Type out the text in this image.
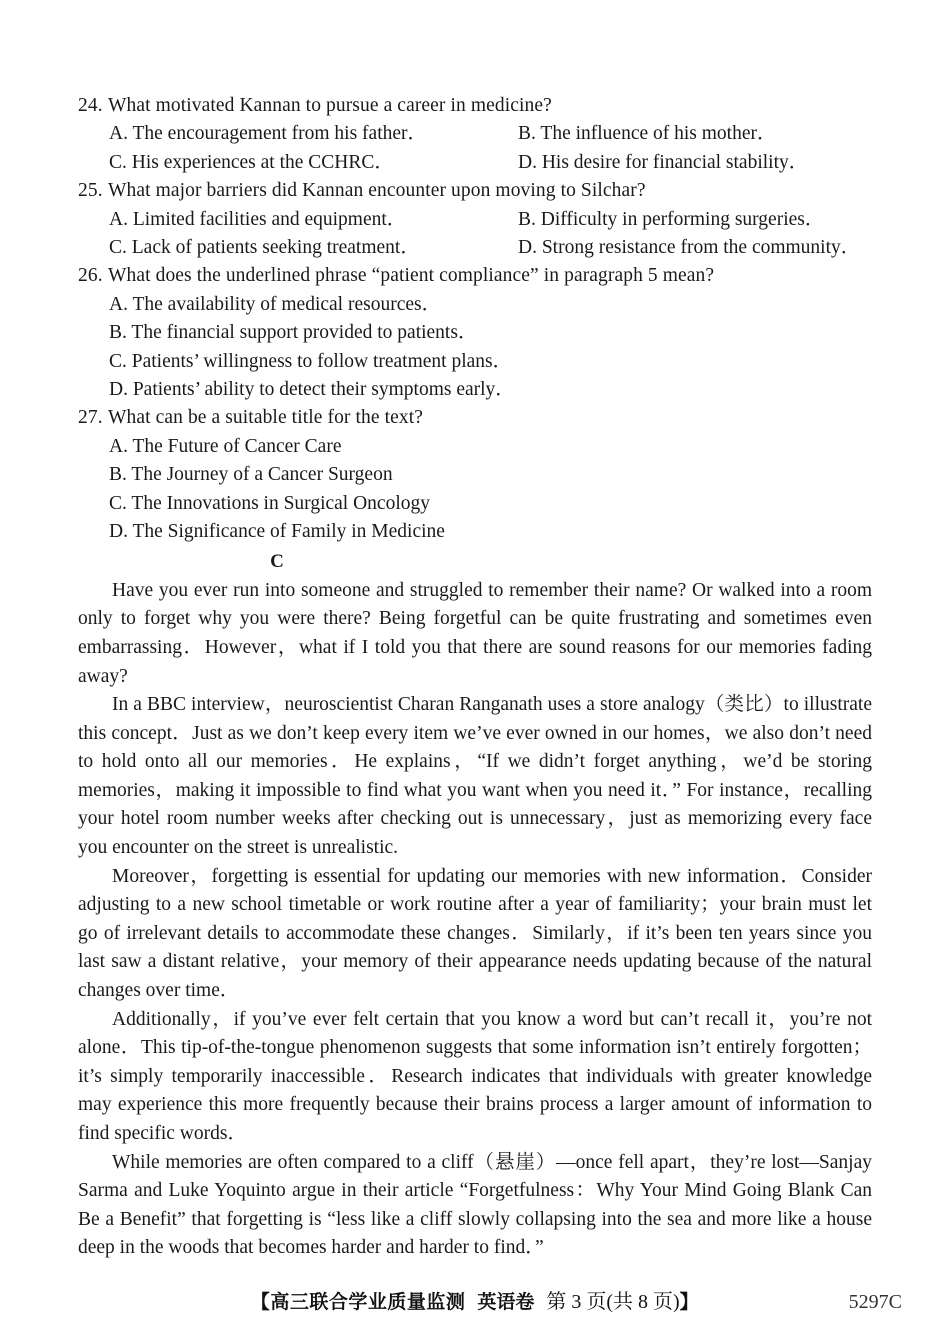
24. What motivated Kannan to pursue a career in medicine?
A. The encouragement from his father．	B. The influence of his mother．
C. His experiences at the CCHRC．	D. His desire for financial stability．
25. What major barriers did Kannan encounter upon moving to Silchar?
A. Limited facilities and equipment．	B. Difficulty in performing surgeries．
C. Lack of patients seeking treatment．	D. Strong resistance from the community．
26. What does the underlined phrase “patient compliance” in paragraph 5 mean?
A. The availability of medical resources．
B. The financial support provided to patients．
C. Patients’ willingness to follow treatment plans．
D. Patients’ ability to detect their symptoms early．
27. What can be a suitable title for the text?
A. The Future of Cancer Care
B. The Journey of a Cancer Surgeon
C. The Innovations in Surgical Oncology
D. The Significance of Family in Medicine
C

Have you ever run into someone and struggled to remember their name? Or walked into a room only to forget why you were there? Being forgetful can be quite frustrating and sometimes even embarrassing．However，what if I told you that there are sound reasons for our memories fading away?

In a BBC interview，neuroscientist Charan Ranganath uses a store analogy（类比）to illustrate this concept．Just as we don’t keep every item we’ve ever owned in our homes，we also don’t need to hold onto all our memories．He explains，“If we didn’t forget anything，we’d be storing memories，making it impossible to find what you want when you need it．” For instance，recalling your hotel room number weeks after checking out is unnecessary，just as memorizing every face you encounter on the street is unrealistic.

Moreover，forgetting is essential for updating our memories with new information．Consider adjusting to a new school timetable or work routine after a year of familiarity；your brain must let go of irrelevant details to accommodate these changes．Similarly，if it’s been ten years since you last saw a distant relative，your memory of their appearance needs updating because of the natural changes over time．

Additionally，if you’ve ever felt certain that you know a word but can’t recall it，you’re not alone．This tip-of-the-tongue phenomenon suggests that some information isn’t entirely forgotten；it’s simply temporarily inaccessible．Research indicates that individuals with greater knowledge may experience this more frequently because their brains process a larger amount of information to find specific words．

While memories are often compared to a cliff（悬崖）—once fell apart，they’re lost—Sanjay Sarma and Luke Yoquinto argue in their article “Forgetfulness：Why Your Mind Going Blank Can Be a Benefit” that forgetting is “less like a cliff slowly collapsing into the sea and more like a house deep in the woods that becomes harder and harder to find．”

【高三联合学业质量监测 英语卷 第 3 页(共 8 页)】	5297C
